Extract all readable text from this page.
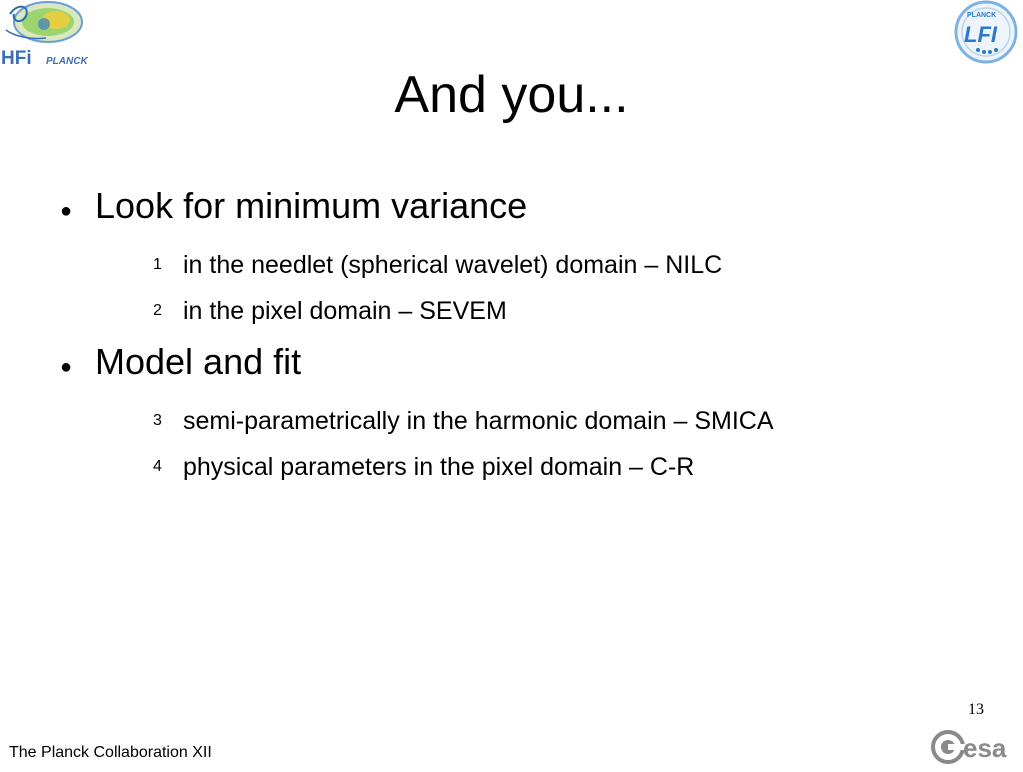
HFi PLANCK
PLANCK
LFI
And you...
● Look for minimum variance
1 in the needlet (spherical wavelet) domain – NILC
2 in the pixel domain – SEVEM
● Model and fit
3 semi-parametrically in the harmonic domain – SMICA
4 physical parameters in the pixel domain – C-R
13
The Planck Collaboration XII	esa
